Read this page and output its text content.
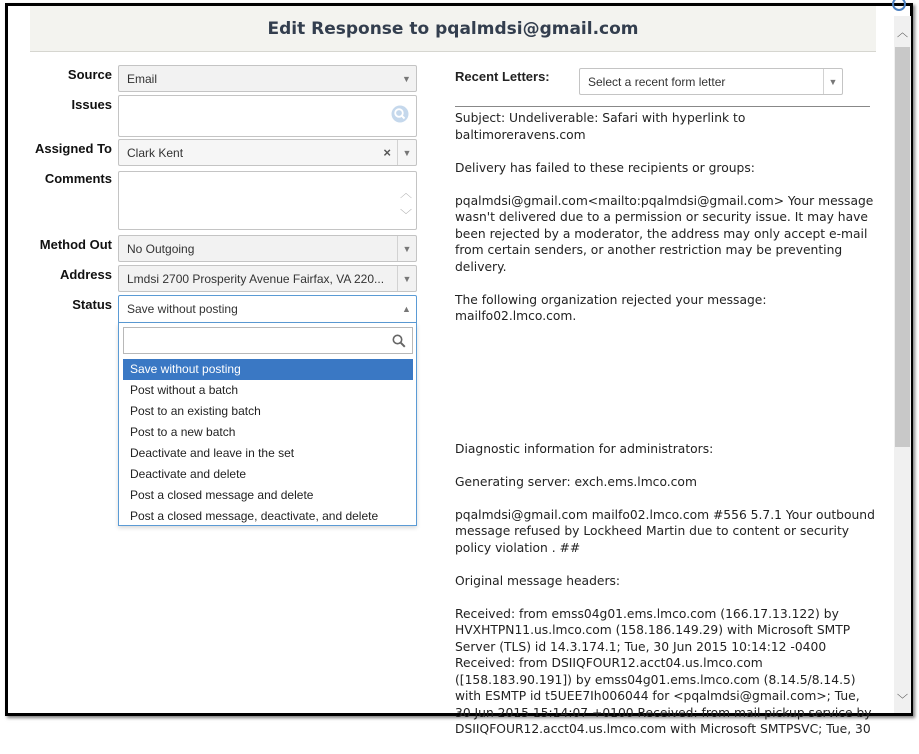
Edit Response to pqalmdsi@gmail.com
Source Email	▼
Issues
Assigned To Clark Kent	×	▼
Comments
︿
﹀
Method Out No Outgoing	▼
Address Lmdsi 2700 Prosperity Avenue Fairfax, VA 220...	▼
Status Save without posting	▲
Save without posting
Post without a batch
Post to an existing batch
Post to a new batch
Deactivate and leave in the set
Deactivate and delete
Post a closed message and delete
Post a closed message, deactivate, and delete
Recent Letters:	Select a recent form letter	▼

Subject: Undeliverable: Safari with hyperlink to baltimoreravens.com

Delivery has failed to these recipients or groups:

pqalmdsi@gmail.com<mailto:pqalmdsi@gmail.com> Your message wasn't delivered due to a permission or security issue. It may have been rejected by a moderator, the address may only accept e-mail from certain senders, or another restriction may be preventing delivery.

The following organization rejected your message: mailfo02.lmco.com.

Diagnostic information for administrators:

Generating server: exch.ems.lmco.com

pqalmdsi@gmail.com mailfo02.lmco.com #556 5.7.1 Your outbound message refused by Lockheed Martin due to content or security policy violation . ##

Original message headers:

Received: from emss04g01.ems.lmco.com (166.17.13.122) by HVXHTPN11.us.lmco.com (158.186.149.29) with Microsoft SMTP Server (TLS) id 14.3.174.1; Tue, 30 Jun 2015 10:14:12 -0400 Received: from DSIIQFOUR12.acct04.us.lmco.com ([158.183.90.191]) by emss04g01.ems.lmco.com (8.14.5/8.14.5) with ESMTP id t5UEE7Ih006044 for <pqalmdsi@gmail.com>; Tue, 30 Jun 2015 15:14:07 +0100 Received: from mail pickup service by DSIIQFOUR12.acct04.us.lmco.com with Microsoft SMTPSVC; Tue, 30

︿
﹀
